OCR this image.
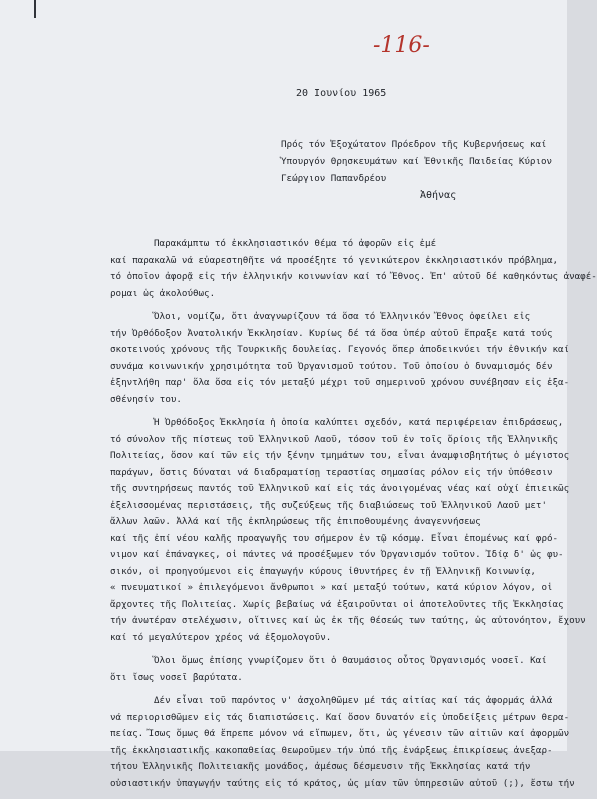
-116-
20 Ιουνίου 1965
Πρός τόν Ἐξοχώτατον Πρόεδρον τῆς Κυβερνήσεως καί
Ὑπουργόν Θρησκευμάτων καί Ἐθνικῆς Παιδείας Κύριον
Γεώργιον Παπανδρέου
Ἀθήνας
Παρακάμπτω τό ἐκκλησιαστικόν θέμα τό ἀφορῶν εἰς ἐμέ
καί παρακαλῶ νά εὐαρεστηθῆτε νά προσέξητε τό γενικώτερον ἐκκλησιαστικόν πρόβλημα,
τό ὁποῖον ἀφορᾷ εἰς τήν ἑλληνικήν κοινωνίαν καί τό Ἔθνος. Ἐπ' αὐτοῦ δέ καθηκόντως ἀναφέ-
ρομαι ὡς ἀκολούθως.
Ὅλοι, νομίζω, ὅτι ἀναγνωρίζουν τά ὅσα τό Ἑλληνικόν Ἔθνος ὀφείλει εἰς
τήν Ὀρθόδοξον Ἀνατολικήν Ἐκκλησίαν. Κυρίως δέ τά ὅσα ὑπέρ αὐτοῦ ἔπραξε κατά τούς
σκοτεινούς χρόνους τῆς Τουρκικῆς δουλείας. Γεγονός ὅπερ ἀποδεικνύει τήν ἐθνικήν καί
συνάμα κοινωνικήν χρησιμότητα τοῦ Ὀργανισμοῦ τούτου. Τοῦ ὁποίου ὁ δυναμισμός δέν
ἐξηντλήθη παρ' ὅλα ὅσα εἰς τόν μεταξύ μέχρι τοῦ σημερινοῦ χρόνου συνέβησαν εἰς ἐξα-
σθένησίν του.
Ἡ Ὀρθόδοξος Ἐκκλησία ἡ ὁποία καλύπτει σχεδόν, κατά περιφέρειαν ἐπιδράσεως,
τό σύνολον τῆς πίστεως τοῦ Ἑλληνικοῦ Λαοῦ, τόσον τοῦ ἐν τοῖς ὅρίοις τῆς Ἑλληνικῆς
Πολιτείας, ὅσον καί τῶν εἰς τήν ξένην τμημάτων του, εἶναι ἀναμφισβητήτως ὁ μέγιστος
παράγων, ὅστις δύναται νά διαδραματίσῃ τεραστίας σημασίας ρόλον εἰς τήν ὑπόθεσιν
τῆς συντηρήσεως παντός τοῦ Ἑλληνικοῦ καί εἰς τάς ἀνοιγομένας νέας καί οὐχί ἐπιεικῶς
ἐξελισσομένας περιστάσεις, τῆς συζεύξεως τῆς διαβιώσεως τοῦ Ἑλληνικοῦ Λαοῦ μετ'
ἄλλων λαῶν. Ἀλλά καί τῆς ἐκπληρώσεως τῆς ἐπιποθουμένης ἀναγεννήσεως
καί τῆς ἐπί νέου καλῆς προαγωγῆς του σήμερον ἐν τῷ κόσμῳ. Εἶναι ἐπομένως καί φρό-
νιμον καί ἐπάναγκες, οἱ πάντες νά προσέξωμεν τόν Ὀργανισμόν τοῦτον. Ἰδίᾳ δ' ὡς φυ-
σικόν, οἱ προηγούμενοι εἰς ἐπαγωγήν κύρους ἰθυντήρες ἐν τῇ Ἑλληνικῇ Κοινωνίᾳ,
« πνευματικοί » ἐπιλεγόμενοι ἄνθρωποι » καί μεταξύ τούτων, κατά κύριον λόγον, οἱ
ἄρχοντες τῆς Πολιτείας. Χωρίς βεβαίως νά ἐξαιροῦνται οἱ ἀποτελοῦντες τῆς Ἐκκλησίας
τήν ἀνωτέραν στελέχωσιν, οἵτινες καί ὡς ἐκ τῆς θέσεώς των ταύτης, ὡς αὐτονόητον, ἔχουν
καί τό μεγαλύτερον χρέος νά ἐξομολογοῦν.
Ὅλοι ὅμως ἐπίσης γνωρίζομεν ὅτι ὁ θαυμάσιος οὗτος Ὀργανισμός νοσεῖ. Καί
ὅτι ἴσως νοσεῖ βαρύτατα.
Δέν εἶναι τοῦ παρόντος ν' ἀσχοληθῶμεν μέ τάς αἰτίας καί τάς ἀφορμάς ἀλλά
νά περιορισθῶμεν εἰς τάς διαπιστώσεις. Καί ὅσον δυνατόν εἰς ὑποδείξεις μέτρων θερα-
πείας. Ἴσως ὅμως θά ἔπρεπε μόνον νά εἴπωμεν, ὅτι, ὡς γένεσιν τῶν αἰτιῶν καί ἀφορμῶν
τῆς ἐκκλησιαστικῆς κακοπαθείας θεωροῦμεν τήν ὑπό τῆς ἐνάρξεως ἐπικρίσεως ἀνεξαρ-
τήτου Ἑλληνικῆς Πολιτειακῆς μονάδος, ἀμέσως δέσμευσιν τῆς Ἐκκλησίας κατά τήν
οὐσιαστικήν ὑπαγωγήν ταύτης εἰς τό κράτος, ὡς μίαν τῶν ὑπηρεσιῶν αὐτοῦ (;), ἔστω τήν
